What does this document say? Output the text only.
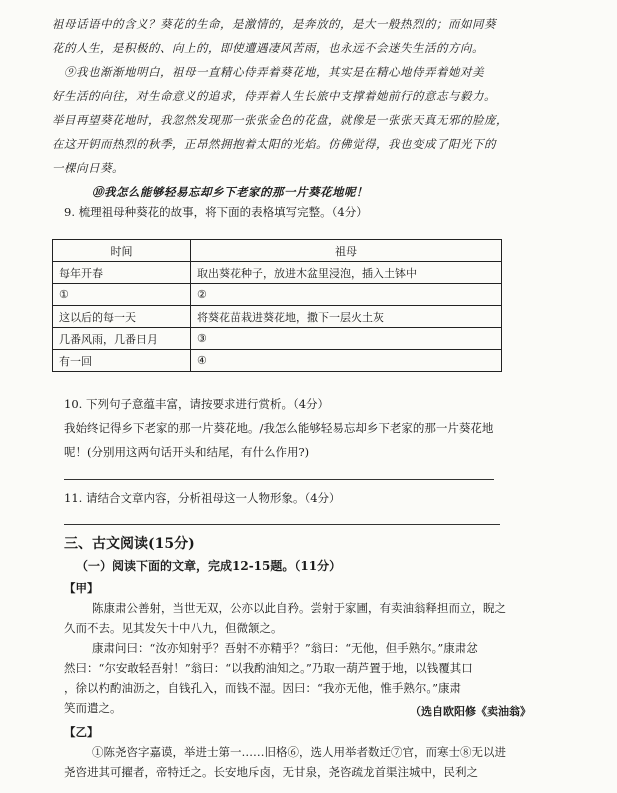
祖母话语中的含义？葵花的生命，是激情的，是奔放的，是大一般热烈的；而如同葵
花的人生，是积极的、向上的，即使遭遇凄风苦雨，也永远不会迷失生活的方向。
⑨我也渐渐地明白，祖母一直精心侍弄着葵花地，其实是在精心地侍弄着她对美
好生活的向往，对生命意义的追求，侍弄着人生长旅中支撑着她前行的意志与毅力。
举目再望葵花地时，我忽然发现那一张张金色的花盘，就像是一张张天真无邪的脸庞，
在这开钥而热烈的秋季，正昂然拥抱着太阳的光焰。仿佛觉得，我也变成了阳光下的
一棵向日葵。
⑩我怎么能够轻易忘却乡下老家的那一片葵花地呢！
9. 梳理祖母种葵花的故事，将下面的表格填写完整。（4分）
时间	祖母
每年开春	取出葵花种子，放进木盆里浸泡，插入土钵中
①	②
这以后的每一天	将葵花苗栽进葵花地，撒下一层火土灰
几番风雨，几番日月	③
有一回	④
10. 下列句子意蕴丰富，请按要求进行赏析。（4分）
我始终记得乡下老家的那一片葵花地。/我怎么能够轻易忘却乡下老家的那一片葵花地
呢！(分别用这两句话开头和结尾，有什么作用?)
11. 请结合文章内容，分析祖母这一人物形象。（4分）
三、古文阅读(15分)
（一）阅读下面的文章，完成12-15题。（11分）
【甲】
陈康肃公善射，当世无双，公亦以此自矜。尝射于家圃，有卖油翁释担而立，睨之
久而不去。见其发矢十中八九，但微颔之。
康肃问曰：“汝亦知射乎？吾射不亦精乎？”翁曰：“无他，但手熟尔。”康肃忿
然曰：“尔安敢轻吾射！”翁曰：“以我酌油知之。”乃取一葫芦置于地，以钱覆其口
，徐以杓酌油沥之，自钱孔入，而钱不湿。因曰：“我亦无他，惟手熟尔。”康肃
笑而遣之。	（选自欧阳修《卖油翁》
【乙】
①陈尧咨字嘉谟，举进士第一……旧格⑥，选人用举者数迁⑦官，而寒士⑧无以进
尧咨进其可擢者，帝特迁之。长安地斥卤，无甘泉，尧咨疏龙首渠注城中，民利之
